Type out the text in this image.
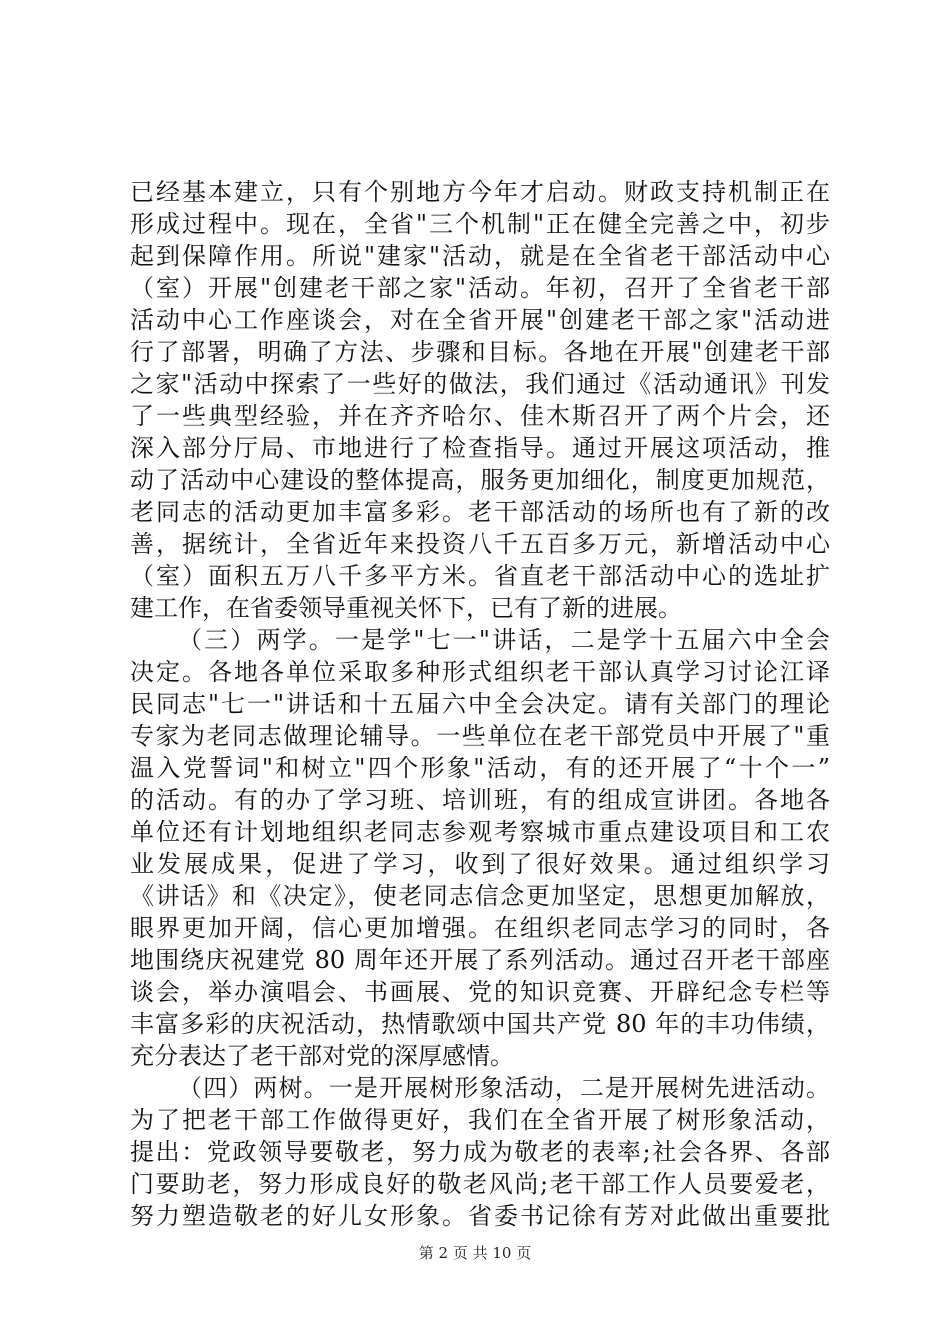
已经基本建立，只有个别地方今年才启动。财政支持机制正在
形成过程中。现在，全省"三个机制"正在健全完善之中，初步
起到保障作用。所说"建家"活动，就是在全省老干部活动中心
（室）开展"创建老干部之家"活动。年初，召开了全省老干部
活动中心工作座谈会，对在全省开展"创建老干部之家"活动进
行了部署，明确了方法、步骤和目标。各地在开展"创建老干部
之家"活动中探索了一些好的做法，我们通过《活动通讯》刊发
了一些典型经验，并在齐齐哈尔、佳木斯召开了两个片会，还
深入部分厅局、市地进行了检查指导。通过开展这项活动，推
动了活动中心建设的整体提高，服务更加细化，制度更加规范，
老同志的活动更加丰富多彩。老干部活动的场所也有了新的改
善，据统计，全省近年来投资八千五百多万元，新增活动中心
（室）面积五万八千多平方米。省直老干部活动中心的选址扩
建工作，在省委领导重视关怀下，已有了新的进展。
（三）两学。一是学"七一"讲话，二是学十五届六中全会
决定。各地各单位采取多种形式组织老干部认真学习讨论江译
民同志"七一"讲话和十五届六中全会决定。请有关部门的理论
专家为老同志做理论辅导。一些单位在老干部党员中开展了"重
温入党誓词"和树立"四个形象"活动，有的还开展了“十个一”
的活动。有的办了学习班、培训班，有的组成宣讲团。各地各
单位还有计划地组织老同志参观考察城市重点建设项目和工农
业发展成果，促进了学习，收到了很好效果。通过组织学习
《讲话》和《决定》，使老同志信念更加坚定，思想更加解放，
眼界更加开阔，信心更加增强。在组织老同志学习的同时，各
地围绕庆祝建党 80 周年还开展了系列活动。通过召开老干部座
谈会，举办演唱会、书画展、党的知识竞赛、开辟纪念专栏等
丰富多彩的庆祝活动，热情歌颂中国共产党 80 年的丰功伟绩，
充分表达了老干部对党的深厚感情。
（四）两树。一是开展树形象活动，二是开展树先进活动。
为了把老干部工作做得更好，我们在全省开展了树形象活动，
提出：党政领导要敬老，努力成为敬老的表率;社会各界、各部
门要助老，努力形成良好的敬老风尚;老干部工作人员要爱老，
努力塑造敬老的好儿女形象。省委书记徐有芳对此做出重要批
第 2 页 共 10 页
